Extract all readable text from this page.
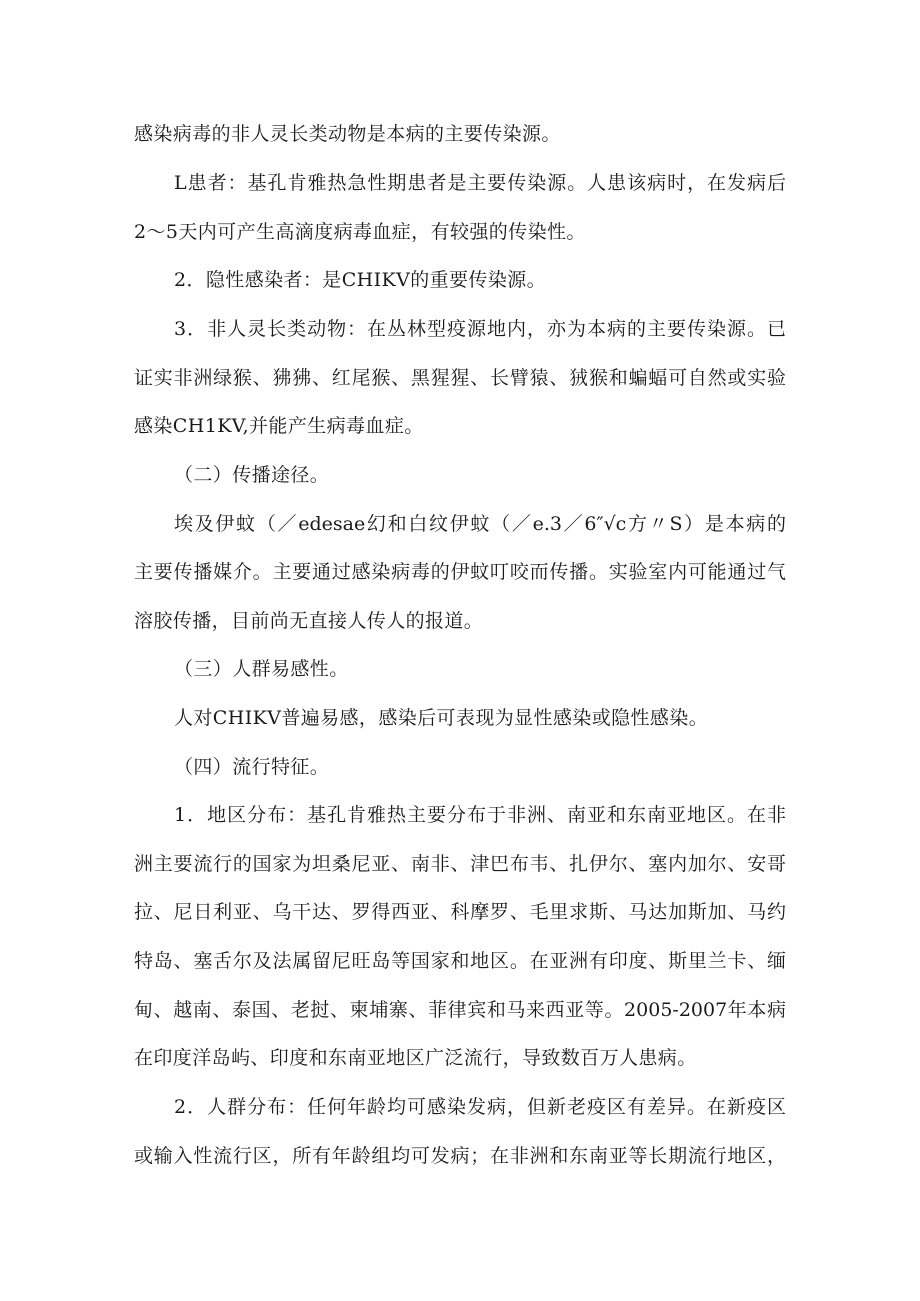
感染病毒的非人灵长类动物是本病的主要传染源。
L患者：基孔肯雅热急性期患者是主要传染源。人患该病时，在发病后
2～5天内可产生高滴度病毒血症，有较强的传染性。
2．隐性感染者：是CHIKV的重要传染源。
3．非人灵长类动物：在丛林型疫源地内，亦为本病的主要传染源。已
证实非洲绿猴、狒狒、红尾猴、黑猩猩、长臂猿、狨猴和蝙蝠可自然或实验
感染CH1KV,并能产生病毒血症。
（二）传播途径。
埃及伊蚊（／edesae幻和白纹伊蚊（／e.3／6″√c方〃S）是本病的
主要传播媒介。主要通过感染病毒的伊蚊叮咬而传播。实验室内可能通过气
溶胶传播，目前尚无直接人传人的报道。
（三）人群易感性。
人对CHIKV普遍易感，感染后可表现为显性感染或隐性感染。
（四）流行特征。
1．地区分布：基孔肯雅热主要分布于非洲、南亚和东南亚地区。在非
洲主要流行的国家为坦桑尼亚、南非、津巴布韦、扎伊尔、塞内加尔、安哥
拉、尼日利亚、乌干达、罗得西亚、科摩罗、毛里求斯、马达加斯加、马约
特岛、塞舌尔及法属留尼旺岛等国家和地区。在亚洲有印度、斯里兰卡、缅
甸、越南、泰国、老挝、柬埔寨、菲律宾和马来西亚等。2005-2007年本病
在印度洋岛屿、印度和东南亚地区广泛流行，导致数百万人患病。
2．人群分布：任何年龄均可感染发病，但新老疫区有差异。在新疫区
或输入性流行区，所有年龄组均可发病；在非洲和东南亚等长期流行地区，
